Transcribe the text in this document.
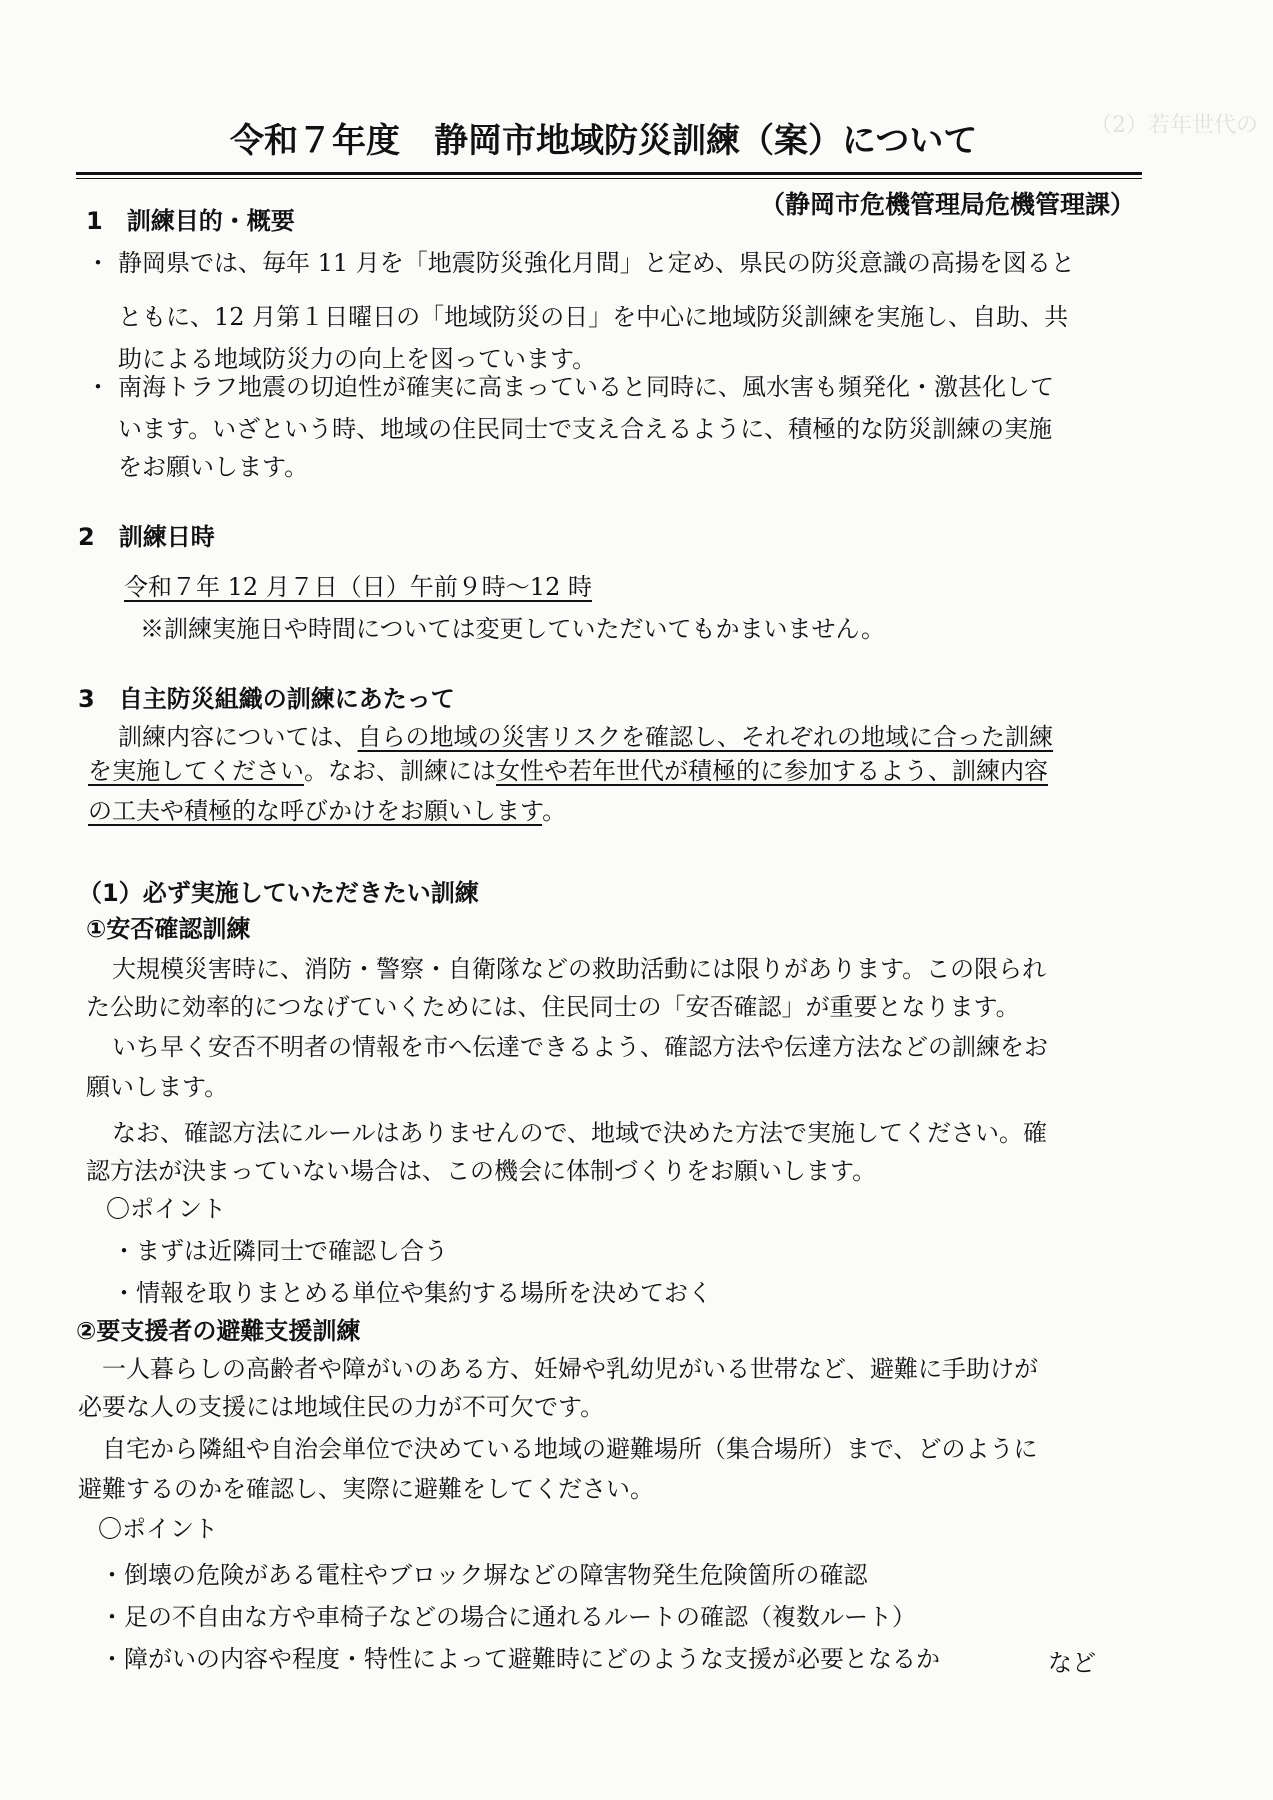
（2）若年世代の
令和７年度　静岡市地域防災訓練（案）について
（静岡市危機管理局危機管理課）
1　訓練目的・概要
・ 静岡県では、毎年 11 月を「地震防災強化月間」と定め、県民の防災意識の高揚を図ると
ともに、12 月第１日曜日の「地域防災の日」を中心に地域防災訓練を実施し、自助、共
助による地域防災力の向上を図っています。
・ 南海トラフ地震の切迫性が確実に高まっていると同時に、風水害も頻発化・激甚化して
います。いざという時、地域の住民同士で支え合えるように、積極的な防災訓練の実施
をお願いします。
2　訓練日時
令和７年 12 月７日（日）午前９時～12 時
※訓練実施日や時間については変更していただいてもかまいません。
3　自主防災組織の訓練にあたって
訓練内容については、自らの地域の災害リスクを確認し、それぞれの地域に合った訓練
を実施してください。なお、訓練には女性や若年世代が積極的に参加するよう、訓練内容
の工夫や積極的な呼びかけをお願いします。
（1）必ず実施していただきたい訓練
①安否確認訓練
大規模災害時に、消防・警察・自衛隊などの救助活動には限りがあります。この限られ
た公助に効率的につなげていくためには、住民同士の「安否確認」が重要となります。
いち早く安否不明者の情報を市へ伝達できるよう、確認方法や伝達方法などの訓練をお
願いします。
なお、確認方法にルールはありませんので、地域で決めた方法で実施してください。確
認方法が決まっていない場合は、この機会に体制づくりをお願いします。
〇ポイント
・まずは近隣同士で確認し合う
・情報を取りまとめる単位や集約する場所を決めておく
②要支援者の避難支援訓練
一人暮らしの高齢者や障がいのある方、妊婦や乳幼児がいる世帯など、避難に手助けが
必要な人の支援には地域住民の力が不可欠です。
自宅から隣組や自治会単位で決めている地域の避難場所（集合場所）まで、どのように
避難するのかを確認し、実際に避難をしてください。
〇ポイント
・倒壊の危険がある電柱やブロック塀などの障害物発生危険箇所の確認
・足の不自由な方や車椅子などの場合に通れるルートの確認（複数ルート）
・障がいの内容や程度・特性によって避難時にどのような支援が必要となるか	など
